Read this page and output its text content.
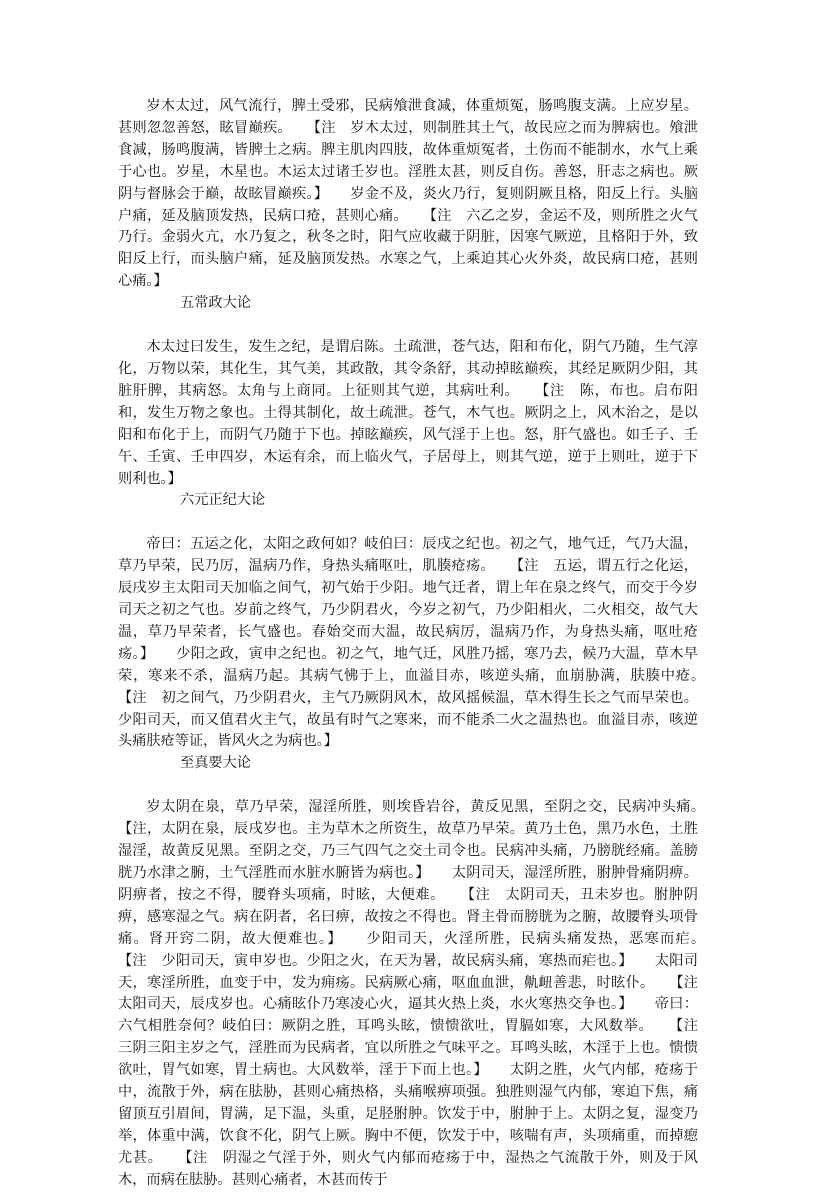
岁木太过，风气流行，脾土受邪，民病飧泄食减，体重烦冤，肠鸣腹支满。上应岁星。甚则忽忽善怒，眩冒巅疾。　　【注　岁木太过，则制胜其土气，故民应之而为脾病也。飧泄食减，肠鸣腹满，皆脾土之病。脾主肌肉四肢，故体重烦冤者，土伤而不能制水，水气上乘于心也。岁星，木星也。木运太过诸壬岁也。淫胜太甚，则反自伤。善怒，肝志之病也。厥阴与督脉会于巅，故眩冒巅疾。】　　岁金不及，炎火乃行，复则阴厥且格，阳反上行。头脑户痛，延及脑顶发热，民病口疮，甚则心痛。　　【注　六乙之岁，金运不及，则所胜之火气乃行。金弱火亢，水乃复之，秋冬之时，阳气应收藏于阴脏，因寒气厥逆，且格阳于外，致阳反上行，而头脑户痛，延及脑顶发热。水寒之气，上乘迫其心火外炎，故民病口疮，甚则心痛。】

五常政大论

木太过曰发生，发生之纪，是谓启陈。土疏泄，苍气达，阳和布化，阴气乃随，生气淳化，万物以荣，其化生，其气美，其政散，其令条舒，其动掉眩巅疾，其经足厥阴少阳，其脏肝脾，其病怒。太角与上商同。上征则其气逆，其病吐利。　　【注　陈，布也。启布阳和，发生万物之象也。土得其制化，故土疏泄。苍气，木气也。厥阴之上，风木治之，是以阳和布化于上，而阴气乃随于下也。掉眩巅疾，风气淫于上也。怒，肝气盛也。如壬子、壬午、壬寅、壬申四岁，木运有余，而上临火气，子居母上，则其气逆，逆于上则吐，逆于下则利也。】

六元正纪大论

帝曰：五运之化，太阳之政何如？岐伯曰：辰戌之纪也。初之气，地气迁，气乃大温，草乃早荣，民乃厉，温病乃作，身热头痛呕吐，肌腠疮疡。　　【注　五运，谓五行之化运，辰戌岁主太阳司天加临之间气，初气始于少阳。地气迁者，谓上年在泉之终气，而交于今岁司天之初之气也。岁前之终气，乃少阴君火，今岁之初气，乃少阳相火，二火相交，故气大温，草乃早荣者，长气盛也。春始交而大温，故民病厉，温病乃作，为身热头痛，呕吐疮疡。】　　少阳之政，寅申之纪也。初之气，地气迁，风胜乃摇，寒乃去，候乃大温，草木早荣，寒来不杀，温病乃起。其病气怫于上，血溢目赤，咳逆头痛，血崩胁满，肤腠中疮。　　【注　初之间气，乃少阴君火，主气乃厥阴风木，故风摇候温，草木得生长之气而早荣也。少阳司天，而又值君火主气，故虽有时气之寒来，而不能杀二火之温热也。血溢目赤，咳逆头痛肤疮等证，皆风火之为病也。】

至真要大论

岁太阴在泉，草乃早荣，湿淫所胜，则埃昏岩谷，黄反见黑，至阴之交，民病冲头痛。　　【注，太阴在泉，辰戌岁也。主为草木之所资生，故草乃早荣。黄乃土色，黑乃水色，土胜湿淫，故黄反见黑。至阴之交，乃三气四气之交土司令也。民病冲头痛，乃膀胱经痛。盖膀胱乃水津之腑，土气淫胜而水脏水腑皆为病也。】　　太阴司天，湿淫所胜，胕肿骨痛阴痹。阴痹者，按之不得，腰脊头项痛，时眩，大便难。　　【注　太阴司天，丑未岁也。胕肿阴痹，感寒湿之气。病在阴者，名曰痹，故按之不得也。肾主骨而膀胱为之腑，故腰脊头项骨痛。肾开窍二阴，故大便难也。】　　少阳司天，火淫所胜，民病头痛发热，恶寒而疟。　　【注　少阳司天，寅申岁也。少阳之火，在天为暑，故民病头痛，寒热而疟也。】　　太阳司天，寒淫所胜，血变于中，发为痈疡。民病厥心痛，呕血血泄，鼽衄善悲，时眩仆。　　【注　太阳司天，辰戌岁也。心痛眩仆乃寒凌心火，逼其火热上炎，水火寒热交争也。】　　帝曰：六气相胜奈何？岐伯曰：厥阴之胜，耳鸣头眩，愦愦欲吐，胃膈如寒，大风数举。　　【注　三阴三阳主岁之气，淫胜而为民病者，宜以所胜之气味平之。耳鸣头眩，木淫于上也。愦愦欲吐，胃气如寒，胃土病也。大风数举，淫于下而上也。】　　太阴之胜，火气内郁，疮疡于中，流散于外，病在胠胁，甚则心痛热格，头痛喉痹项强。独胜则湿气内郁，寒迫下焦，痛留顶互引眉间，胃满，足下温，头重，足胫胕肿。饮发于中，胕肿于上。太阴之复，湿变乃举，体重中满，饮食不化，阴气上厥。胸中不便，饮发于中，咳喘有声，头项痛重，而掉瘛尤甚。　　【注　阴湿之气淫于外，则火气内郁而疮疡于中，湿热之气流散于外，则及于风木，而病在胠胁。甚则心痛者，木甚而传于
